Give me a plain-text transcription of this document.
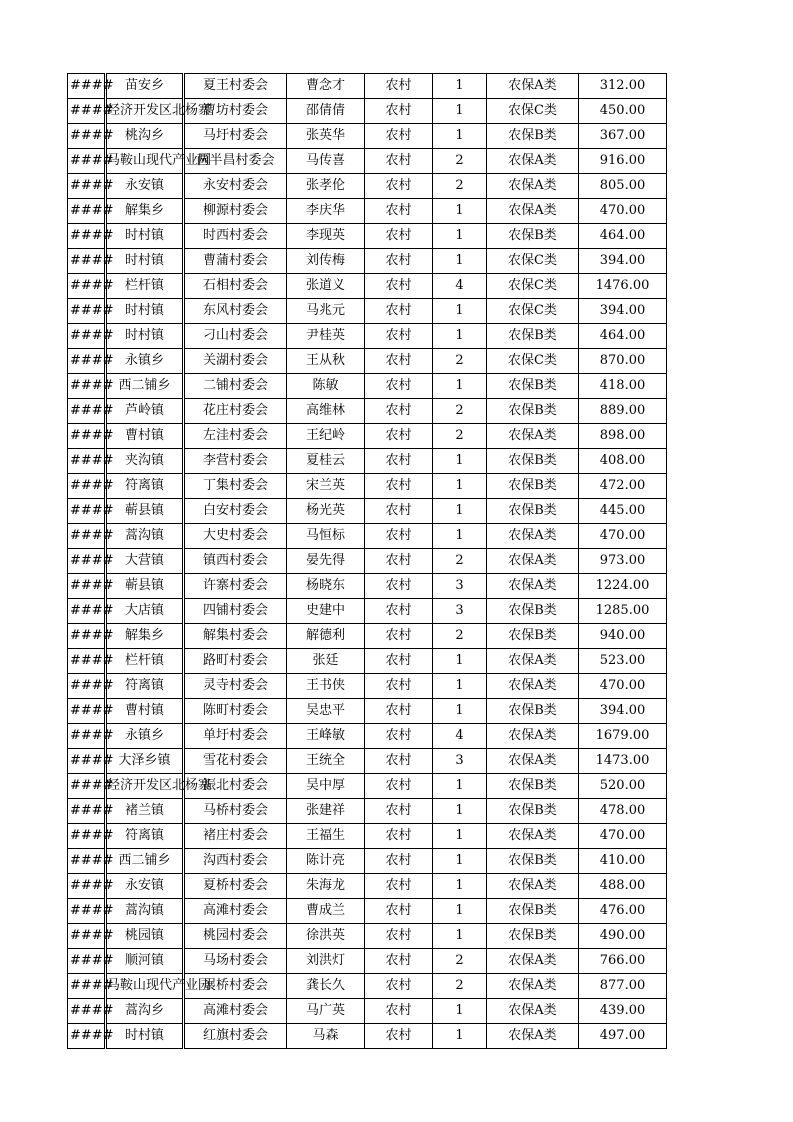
####	苗安乡	夏王村委会	曹念才	农村	1	农保A类	312.00
####	经济开发区北杨寨	曹坊村委会	邵倩倩	农村	1	农保C类	450.00
####	桃沟乡	马圩村委会	张英华	农村	1	农保B类	367.00
####	马鞍山现代产业园	两半昌村委会	马传喜	农村	2	农保A类	916.00
####	永安镇	永安村委会	张孝伦	农村	2	农保A类	805.00
####	解集乡	柳源村委会	李庆华	农村	1	农保A类	470.00
####	时村镇	时西村委会	李现英	农村	1	农保B类	464.00
####	时村镇	曹蒲村委会	刘传梅	农村	1	农保C类	394.00
####	栏杆镇	石相村委会	张道义	农村	4	农保C类	1476.00
####	时村镇	东风村委会	马兆元	农村	1	农保C类	394.00
####	时村镇	刁山村委会	尹桂英	农村	1	农保B类	464.00
####	永镇乡	关湖村委会	王从秋	农村	2	农保C类	870.00
####	西二铺乡	二铺村委会	陈敏	农村	1	农保B类	418.00
####	芦岭镇	花庄村委会	高维林	农村	2	农保B类	889.00
####	曹村镇	左洼村委会	王纪岭	农村	2	农保A类	898.00
####	夹沟镇	李营村委会	夏桂云	农村	1	农保B类	408.00
####	符离镇	丁集村委会	宋兰英	农村	1	农保B类	472.00
####	蕲县镇	白安村委会	杨光英	农村	1	农保B类	445.00
####	蒿沟镇	大史村委会	马恒标	农村	1	农保A类	470.00
####	大营镇	镇西村委会	晏先得	农村	2	农保A类	973.00
####	蕲县镇	许寨村委会	杨晓东	农村	3	农保A类	1224.00
####	大店镇	四铺村委会	史建中	农村	3	农保B类	1285.00
####	解集乡	解集村委会	解德利	农村	2	农保B类	940.00
####	栏杆镇	路町村委会	张廷	农村	1	农保A类	523.00
####	符离镇	灵寺村委会	王书侠	农村	1	农保A类	470.00
####	曹村镇	陈町村委会	吴忠平	农村	1	农保B类	394.00
####	永镇乡	单圩村委会	王峰敏	农村	4	农保A类	1679.00
####	大泽乡镇	雪花村委会	王统全	农村	3	农保A类	1473.00
####	经济开发区北杨寨	振北村委会	吴中厚	农村	1	农保B类	520.00
####	褚兰镇	马桥村委会	张建祥	农村	1	农保B类	478.00
####	符离镇	褚庄村委会	王福生	农村	1	农保A类	470.00
####	西二铺乡	沟西村委会	陈计亮	农村	1	农保B类	410.00
####	永安镇	夏桥村委会	朱海龙	农村	1	农保A类	488.00
####	蒿沟镇	高滩村委会	曹成兰	农村	1	农保B类	476.00
####	桃园镇	桃园村委会	徐洪英	农村	1	农保B类	490.00
####	顺河镇	马场村委会	刘洪灯	农村	2	农保A类	766.00
####	马鞍山现代产业园	展桥村委会	龚长久	农村	2	农保A类	877.00
####	蒿沟乡	高滩村委会	马广英	农村	1	农保A类	439.00
####	时村镇	红旗村委会	马森	农村	1	农保A类	497.00
